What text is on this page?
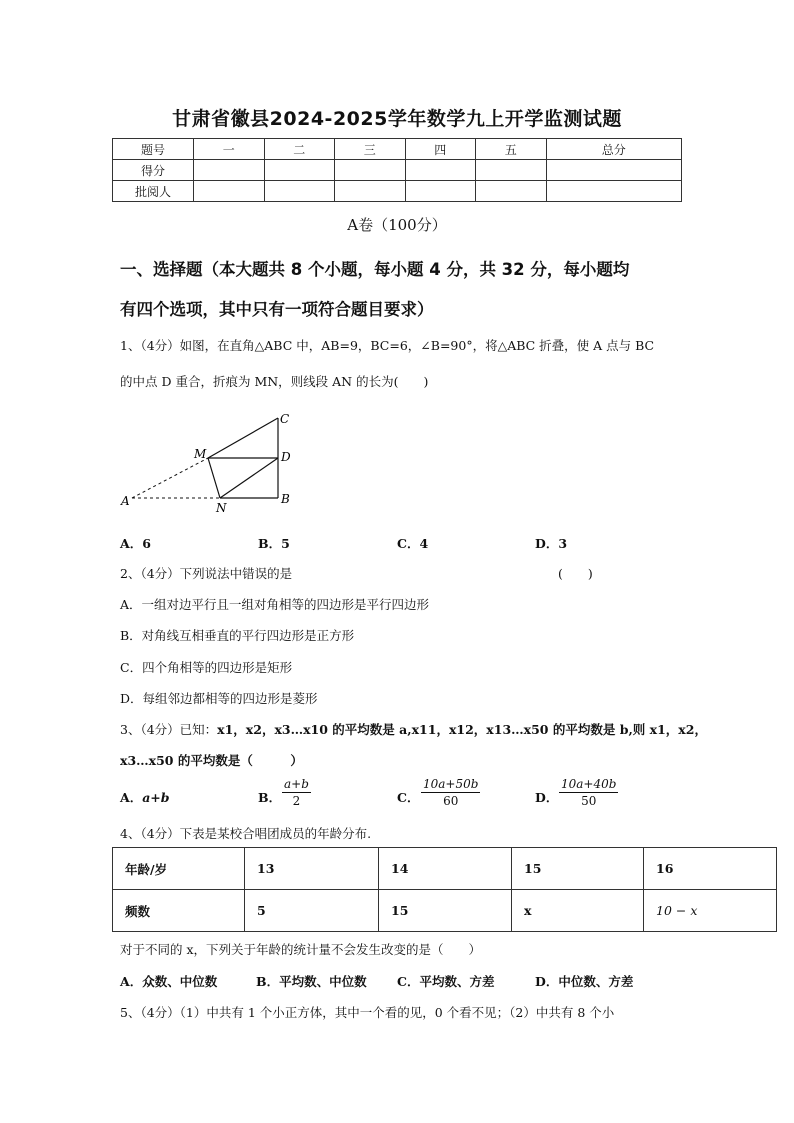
甘肃省徽县2024-2025学年数学九上开学监测试题
题号	一	二	三	四	五	总分
得分						
批阅人						
A卷（100分）
一、选择题（本大题共 8 个小题，每小题 4 分，共 32 分，每小题均
有四个选项，其中只有一项符合题目要求）
1、（4分）如图，在直角△ABC 中，AB=9，BC=6，∠B=90°，将△ABC 折叠，使 A 点与 BC
的中点 D 重合，折痕为 MN，则线段 AN 的长为(　　)
C
D
B
M
N
A
A．6	B．5	C．4	D．3
2、（4分）下列说法中错误的是	(　　)
A．一组对边平行且一组对角相等的四边形是平行四边形
B．对角线互相垂直的平行四边形是正方形
C．四个角相等的四边形是矩形
D．每组邻边都相等的四边形是菱形
3、（4分）已知：x1，x2，x3…x10 的平均数是 a,x11，x12，x13…x50 的平均数是 b,则 x1，x2，
x3…x50 的平均数是（　　　）
A．a+b	B． $\frac{a+b}{2}$	C． $\frac{10a+50b}{60}$	D． $\frac{10a+40b}{50}$
4、（4分）下表是某校合唱团成员的年龄分布.
年龄/岁	13	14	15	16
频数	5	15	x	10 − x
对于不同的 x，下列关于年龄的统计量不会发生改变的是（　　）
A．众数、中位数	B．平均数、中位数 C．平均数、方差	D．中位数、方差
5、（4分）（1）中共有 1 个小正方体，其中一个看的见，0 个看不见；（2）中共有 8 个小
